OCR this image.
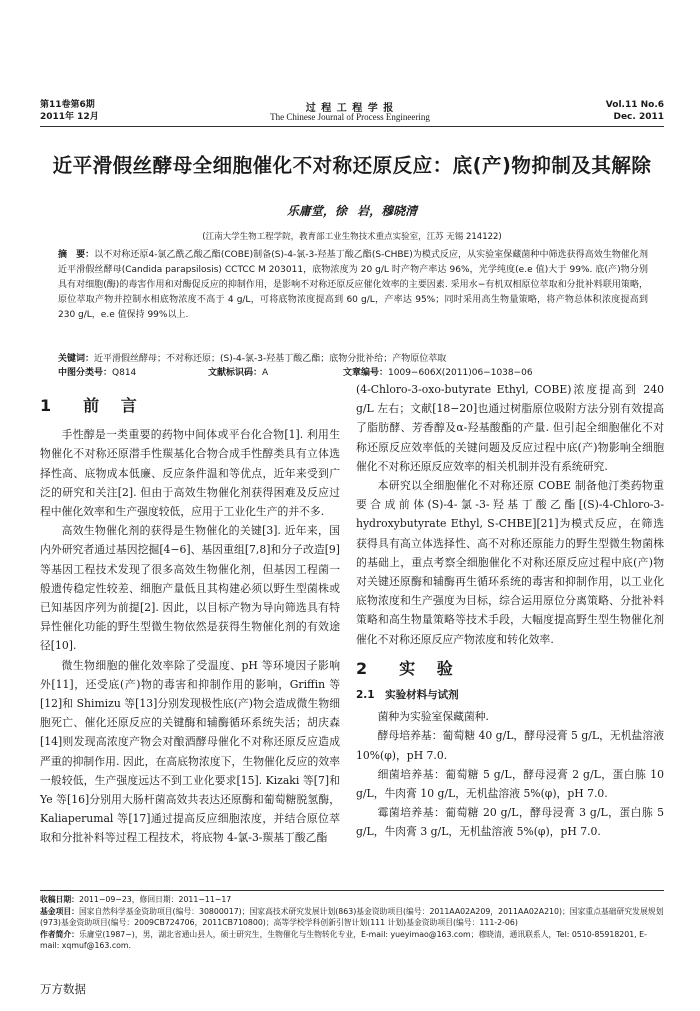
第11卷第6期
2011年 12月
过 程 工 程 学 报
The Chinese Journal of Process Engineering
Vol.11 No.6
Dec. 2011
近平滑假丝酵母全细胞催化不对称还原反应：底(产)物抑制及其解除
乐庸堂，徐 岩，穆晓清
(江南大学生物工程学院，教育部工业生物技术重点实验室，江苏 无锡 214122)
摘　要：以不对称还原4-氯乙酰乙酸乙酯(COBE)制备(S)-4-氯-3-羟基丁酸乙酯(S-CHBE)为模式反应，从实验室保藏菌种中筛选获得高效生物催化剂近平滑假丝酵母(Candida parapsilosis) CCTCC M 203011，底物浓度为 20 g/L 时产物产率达 96%，光学纯度(e.e 值)大于 99%. 底(产)物分别具有对细胞(酶)的毒害作用和对酶促反应的抑制作用，是影响不对称还原反应催化效率的主要因素. 采用水−有机双相原位萃取和分批补料联用策略，原位萃取产物并控制水相底物浓度不高于 4 g/L，可将底物浓度提高到 60 g/L，产率达 95%；同时采用高生物量策略，将产物总体积浓度提高到 230 g/L，e.e 值保持 99%以上.
关键词：近平滑假丝酵母；不对称还原；(S)-4-氯-3-羟基丁酸乙酯；底物分批补给；产物原位萃取
中图分类号：Q814	文献标识码：A	文章编号：1009−606X(2011)06−1038−06
1　前 言

手性醇是一类重要的药物中间体或平台化合物[1]. 利用生物催化不对称还原潜手性羰基化合物合成手性醇类具有立体选择性高、底物成本低廉、反应条件温和等优点，近年来受到广泛的研究和关注[2]. 但由于高效生物催化剂获得困难及反应过程中催化效率和生产强度较低，应用于工业化生产的并不多.

高效生物催化剂的获得是生物催化的关键[3]. 近年来，国内外研究者通过基因挖掘[4−6]、基因重组[7,8]和分子改造[9]等基因工程技术发现了很多高效生物催化剂，但基因工程菌一般遗传稳定性较差、细胞产量低且其构建必须以野生型菌株或已知基因序列为前提[2]. 因此，以目标产物为导向筛选具有特异性催化功能的野生型微生物依然是获得生物催化剂的有效途径[10].

微生物细胞的催化效率除了受温度、pH 等环境因子影响外[11]，还受底(产)物的毒害和抑制作用的影响，Griffin 等[12]和 Shimizu 等[13]分别发现极性底(产)物会造成微生物细胞死亡、催化还原反应的关键酶和辅酶循环系统失活；胡庆森[14]则发现高浓度产物会对酿酒酵母催化不对称还原反应造成严重的抑制作用. 因此，在高底物浓度下，生物催化反应的效率一般较低，生产强度远达不到工业化要求[15]. Kizaki 等[7]和 Ye 等[16]分别用大肠杆菌高效共表达还原酶和葡萄糖脱氢酶，Kaliaperumal 等[17]通过提高反应细胞浓度，并结合原位萃取和分批补料等过程工程技术，将底物 4-氯-3-羰基丁酸乙酯

(4-Chloro-3-oxo-butyrate Ethyl, COBE)浓度提高到 240 g/L 左右；文献[18−20]也通过树脂原位吸附方法分别有效提高了脂肪酵、芳香醇及α-羟基酸酯的产量. 但引起全细胞催化不对称还原反应效率低的关键问题及反应过程中底(产)物影响全细胞催化不对称还原反应效率的相关机制并没有系统研究.

本研究以全细胞催化不对称还原 COBE 制备他汀类药物重要合成前体(S)-4-氯-3-羟基丁酸乙酯[(S)-4-Chloro-3-hydroxybutyrate Ethyl, S-CHBE][21]为模式反应，在筛选获得具有高立体选择性、高不对称还原能力的野生型微生物菌株的基础上，重点考察全细胞催化不对称还原反应过程中底(产)物对关键还原酶和辅酶再生循环系统的毒害和抑制作用，以工业化底物浓度和生产强度为目标，综合运用原位分离策略、分批补料策略和高生物量策略等技术手段，大幅度提高野生型生物催化剂催化不对称还原反应产物浓度和转化效率.

2　实 验
2.1　实验材料与试剂

菌种为实验室保藏菌种.

酵母培养基：葡萄糖 40 g/L，酵母浸膏 5 g/L，无机盐溶液 10%(φ)，pH 7.0.

细菌培养基：葡萄糖 5 g/L，酵母浸膏 2 g/L，蛋白胨 10 g/L，牛肉膏 10 g/L，无机盐溶液 5%(φ)，pH 7.0.

霉菌培养基：葡萄糖 20 g/L，酵母浸膏 3 g/L，蛋白胨 5 g/L，牛肉膏 3 g/L，无机盐溶液 5%(φ)，pH 7.0.

收稿日期：2011−09−23，修回日期：2011−11−17
基金项目：国家自然科学基金资助项目(编号：30800017)；国家高技术研究发展计划(863)基金资助项目(编号：2011AA02A209，2011AA02A210)；国家重点基础研究发展规划(973)基金资助项目(编号：2009CB724706，2011CB710800)；高等学校学科创新引智计划(111 计划)基金资助项目(编号：111-2-06)
作者简介：乐庸堂(1987−)，男，湖北省通山县人，硕士研究生，生物催化与生物转化专业，E-mail: yueyimao@163.com；穆晓清，通讯联系人，Tel: 0510-85918201, E-mail: xqmuf@163.com.
万方数据
